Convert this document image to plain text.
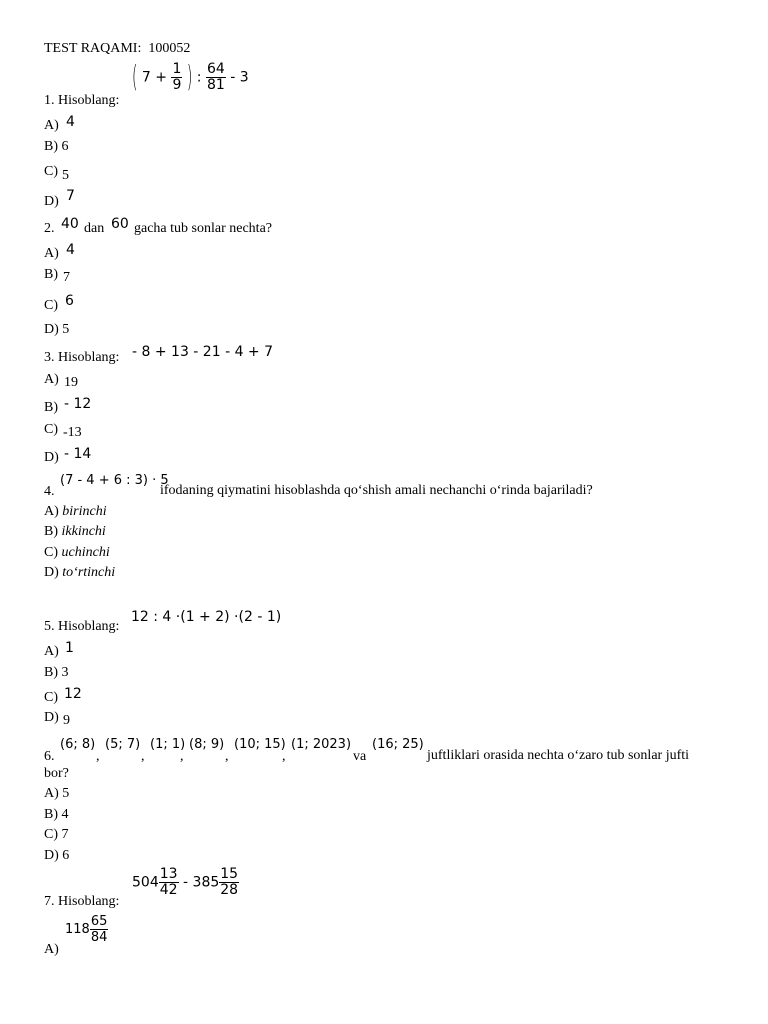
TEST RAQAMI: 100052
( $7 + \frac{1}{9}$ ) : $\frac{64}{81} - 3$
1. Hisoblang:
A) 4
B) 6
C) 5
D) 7
2. 40 dan 60 gacha tub sonlar nechta?
A) 4
B) 7
C) 6
D) 5
3. Hisoblang: - 8 + 13 - 21 - 4 + 7
A) 19
B) - 12
C) -13
D) - 14
4.
(7 - 4 + 6 : 3) · 5
ifodaning qiymatini hisoblashda qo‘shish amali nechanchi o‘rinda bajariladi?
A) birinchi
B) ikkinchi
C) uchinchi
D) to‘rtinchi
5. Hisoblang:
12 : 4 ·(1 + 2) ·(2 - 1)
A) 1
B) 3
C) 12
D) 9
6.
(6; 8)
,
(5; 7)
,
(1; 1)
,
(8; 9)
,
(10; 15)
,
(1; 2023)
va
(16; 25)
juftliklari orasida nechta o‘zaro tub sonlar jufti
bor?
A) 5
B) 4
C) 7
D) 6
$504 \frac{13}{42} - 385 \frac{15}{28}$
7. Hisoblang:
$118 \frac{65}{84}$
A)
